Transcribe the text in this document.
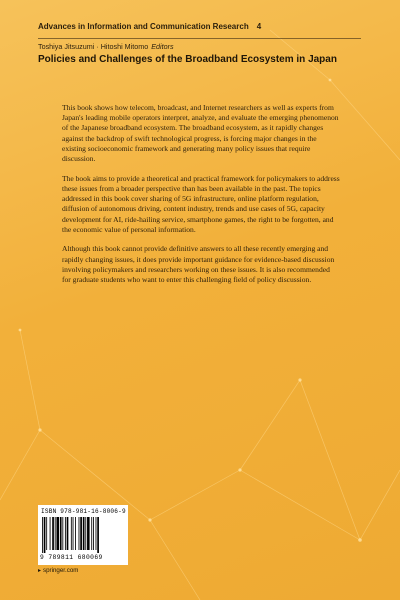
Advances in Information and Communication Research 4
Toshiya Jitsuzumi · Hitoshi Mitomo Editors
Policies and Challenges of the Broadband Ecosystem in Japan

This book shows how telecom, broadcast, and Internet researchers as well as experts from Japan's leading mobile operators interpret, analyze, and evaluate the emerging phenomenon of the Japanese broadband ecosystem. The broadband ecosystem, as it rapidly changes against the backdrop of swift technological progress, is forcing major changes in the existing socioeconomic framework and generating many policy issues that require discussion.

The book aims to provide a theoretical and practical framework for policymakers to address these issues from a broader perspective than has been available in the past. The topics addressed in this book cover sharing of 5G infrastructure, online platform regulation, diffusion of autonomous driving, content industry, trends and use cases of 5G, capacity development for AI, ride-hailing service, smartphone games, the right to be forgotten, and the economic value of personal information.

Although this book cannot provide definitive answers to all these recently emerging and rapidly changing issues, it does provide important guidance for evidence-based discussion involving policymakers and researchers working on these issues. It is also recommended for graduate students who want to enter this challenging field of policy discussion.

ISBN 978-981-16-8006-9
9 789811 680069
▸ springer.com
